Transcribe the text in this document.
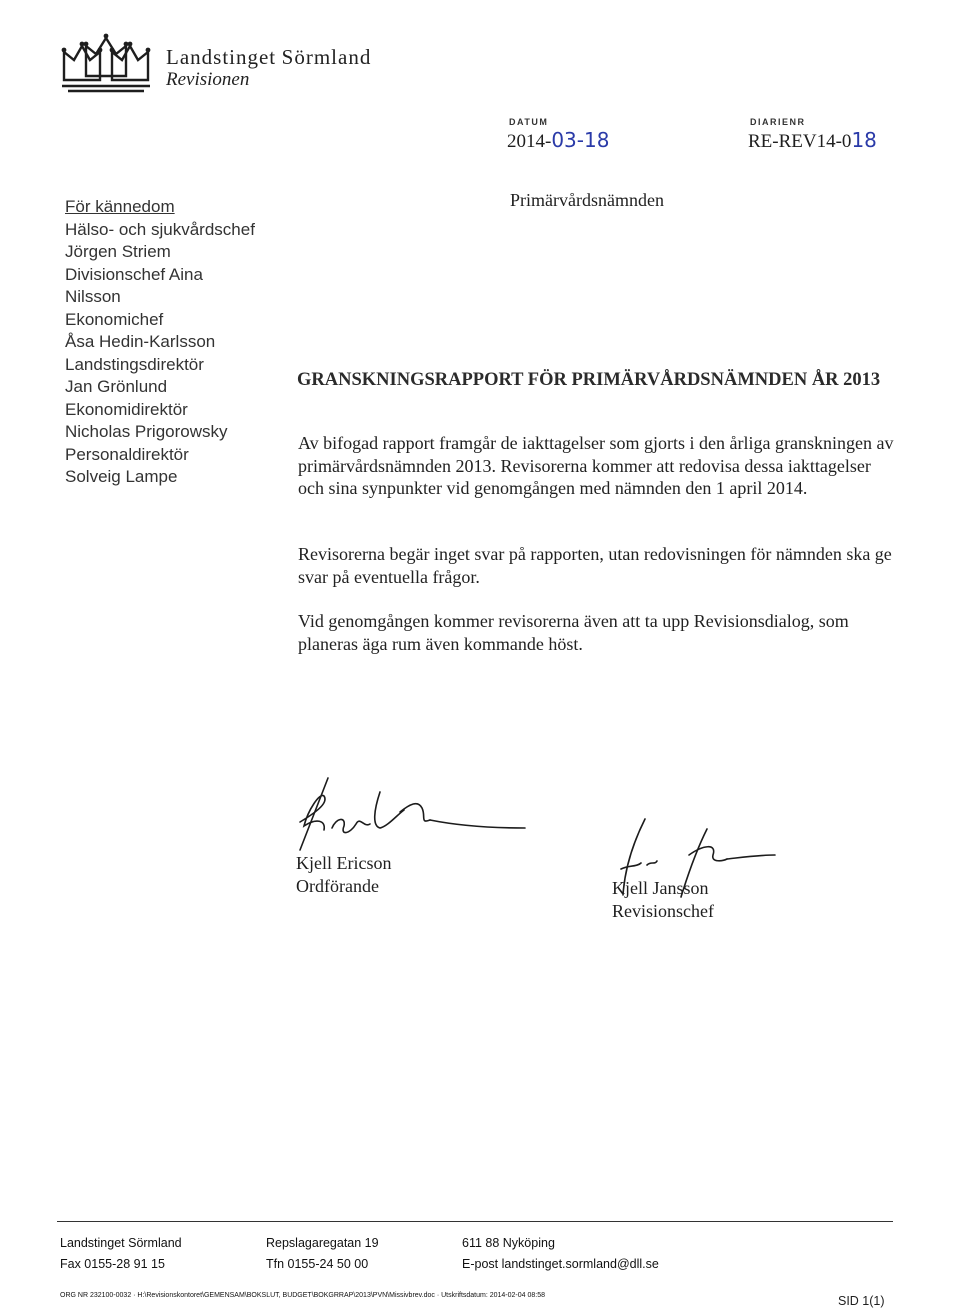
Landstinget Sörmland
Revisionen
DATUM
2014-03-18
DIARIENR
RE-REV14-018
För kännedom
Hälso- och sjukvårdschef
Jörgen Striem
Divisionschef Aina
Nilsson
Ekonomichef
Åsa Hedin-Karlsson
Landstingsdirektör
Jan Grönlund
Ekonomidirektör
Nicholas Prigorowsky
Personaldirektör
Solveig Lampe
Primärvårdsnämnden
GRANSKNINGSRAPPORT FÖR PRIMÄRVÅRDSNÄMNDEN ÅR 2013
Av bifogad rapport framgår de iakttagelser som gjorts i den årliga granskningen av primärvårdsnämnden 2013. Revisorerna kommer att redovisa dessa iakttagelser och sina synpunkter vid genomgången med nämnden den 1 april 2014.
Revisorerna begär inget svar på rapporten, utan redovisningen för nämnden ska ge svar på eventuella frågor.
Vid genomgången kommer revisorerna även att ta upp Revisionsdialog, som planeras äga rum även kommande höst.
Kjell Ericson
Ordförande	Kjell Jansson
Revisionschef
Landstinget Sörmland
Fax 0155-28 91 15
Repslagaregatan 19
Tfn 0155-24 50 00
611 88 Nyköping
E-post landstinget.sormland@dll.se
ORG NR 232100-0032 · H:\Revisionskontoret\GEMENSAM\BOKSLUT, BUDGET\BOKGRRAP\2013\PVN\Missivbrev.doc · Utskriftsdatum: 2014-02-04 08:58	SID 1(1)
